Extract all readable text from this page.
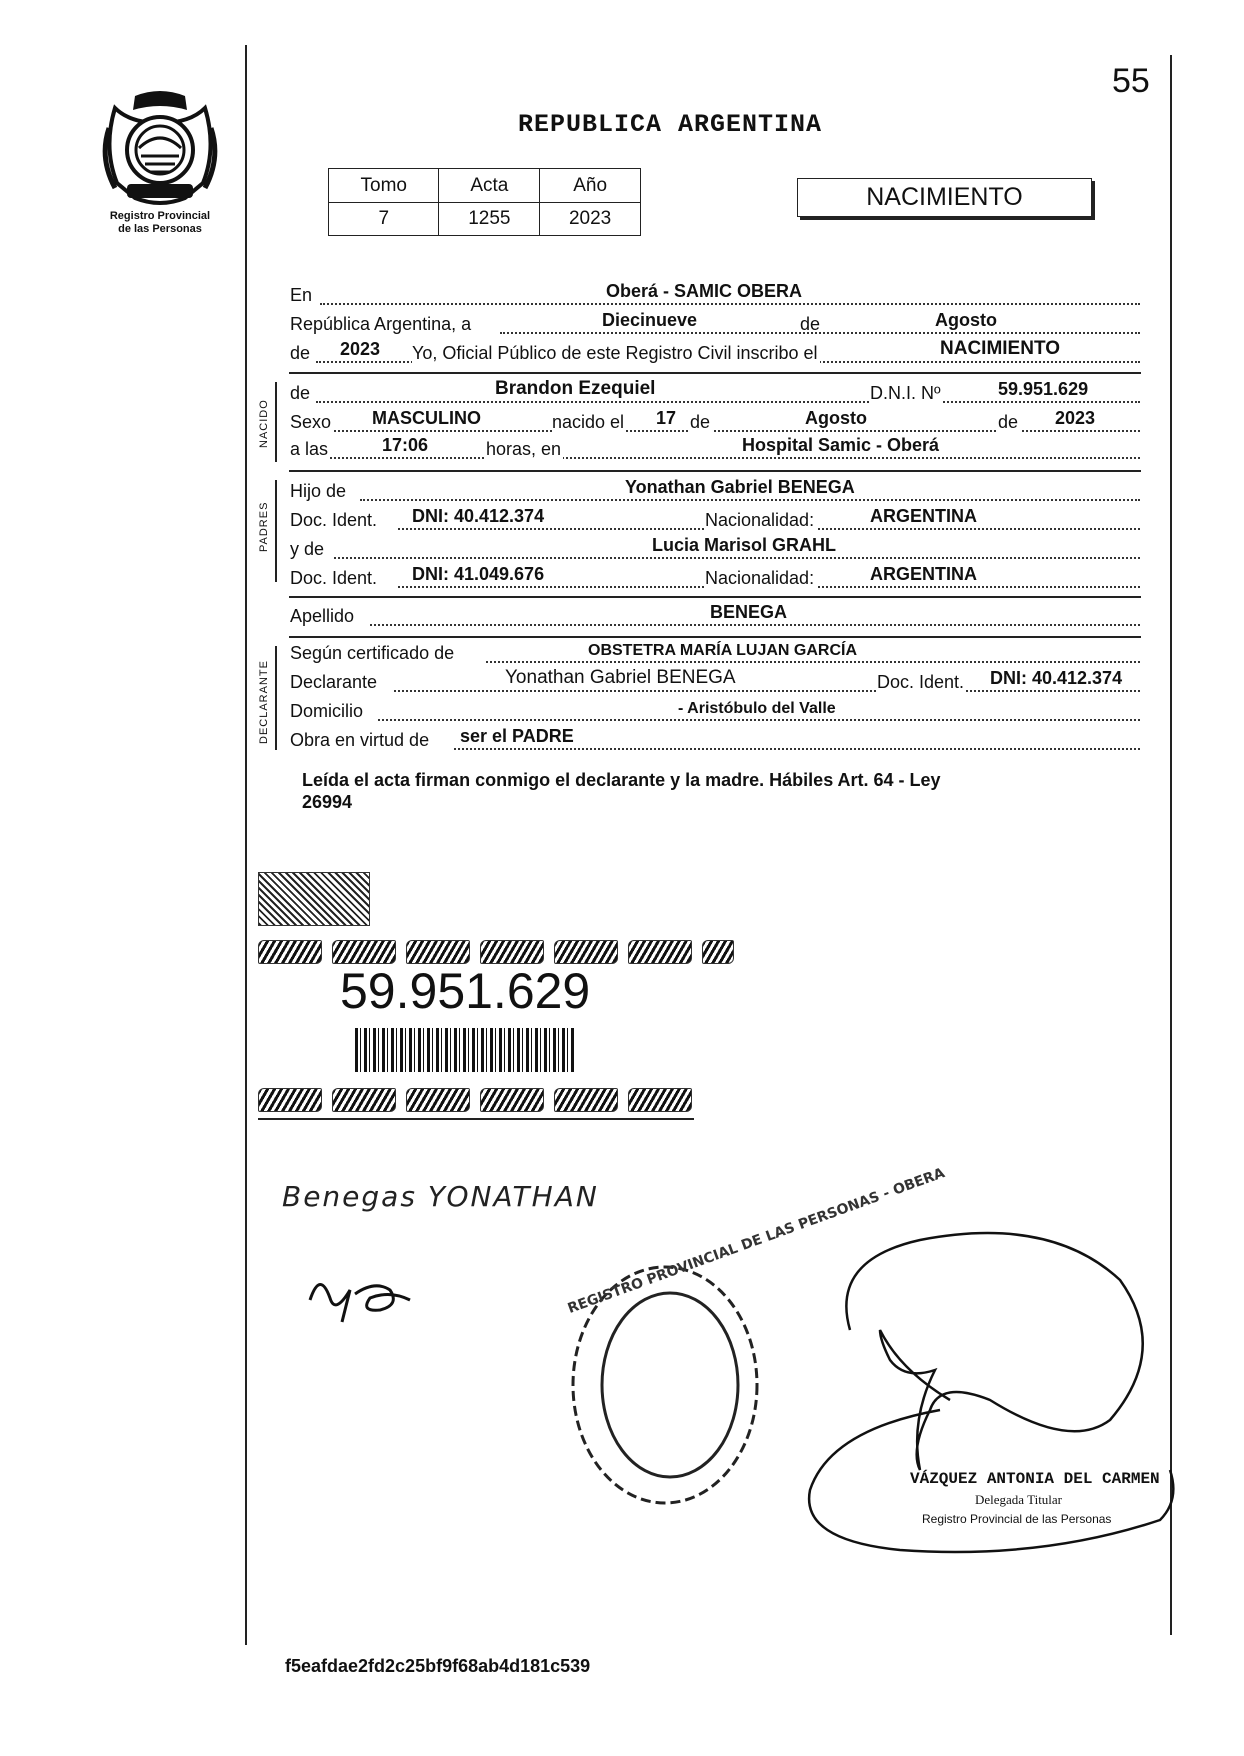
55
Registro Provincial
de las Personas
REPUBLICA ARGENTINA
Tomo	Acta	Año
7	1255	2023
NACIMIENTO
En	Oberá - SAMIC OBERA
República Argentina, a	Diecinueve	de	Agosto
de 2023 Yo, Oficial Público de este Registro Civil inscribo el	NACIMIENTO
NACIDO
de	Brandon Ezequiel	D.N.I. Nº	59.951.629
Sexo MASCULINO	nacido el 17 de	Agosto	de 2023
a las	17:06	horas, en	Hospital Samic - Oberá
PADRES
Hijo de	Yonathan Gabriel BENEGA
Doc. Ident. DNI: 40.412.374	Nacionalidad:	ARGENTINA
y de	Lucia Marisol GRAHL
Doc. Ident. DNI: 41.049.676	Nacionalidad:	ARGENTINA
Apellido	BENEGA
DECLARANTE
Según certificado de	OBSTETRA MARÍA LUJAN GARCÍA
Declarante	Yonathan Gabriel BENEGA	Doc. Ident. DNI: 40.412.374
Domicilio	- Aristóbulo del Valle
Obra en virtud de ser el PADRE
Leída el acta firman conmigo el declarante y la madre. Hábiles Art. 64 - Ley
26994
59.951.629
Benegas YONATHAN
REGISTRO PROVINCIAL DE LAS PERSONAS - OBERA
VÁZQUEZ ANTONIA DEL CARMEN
Delegada Titular
Registro Provincial de las Personas
f5eafdae2fd2c25bf9f68ab4d181c539
